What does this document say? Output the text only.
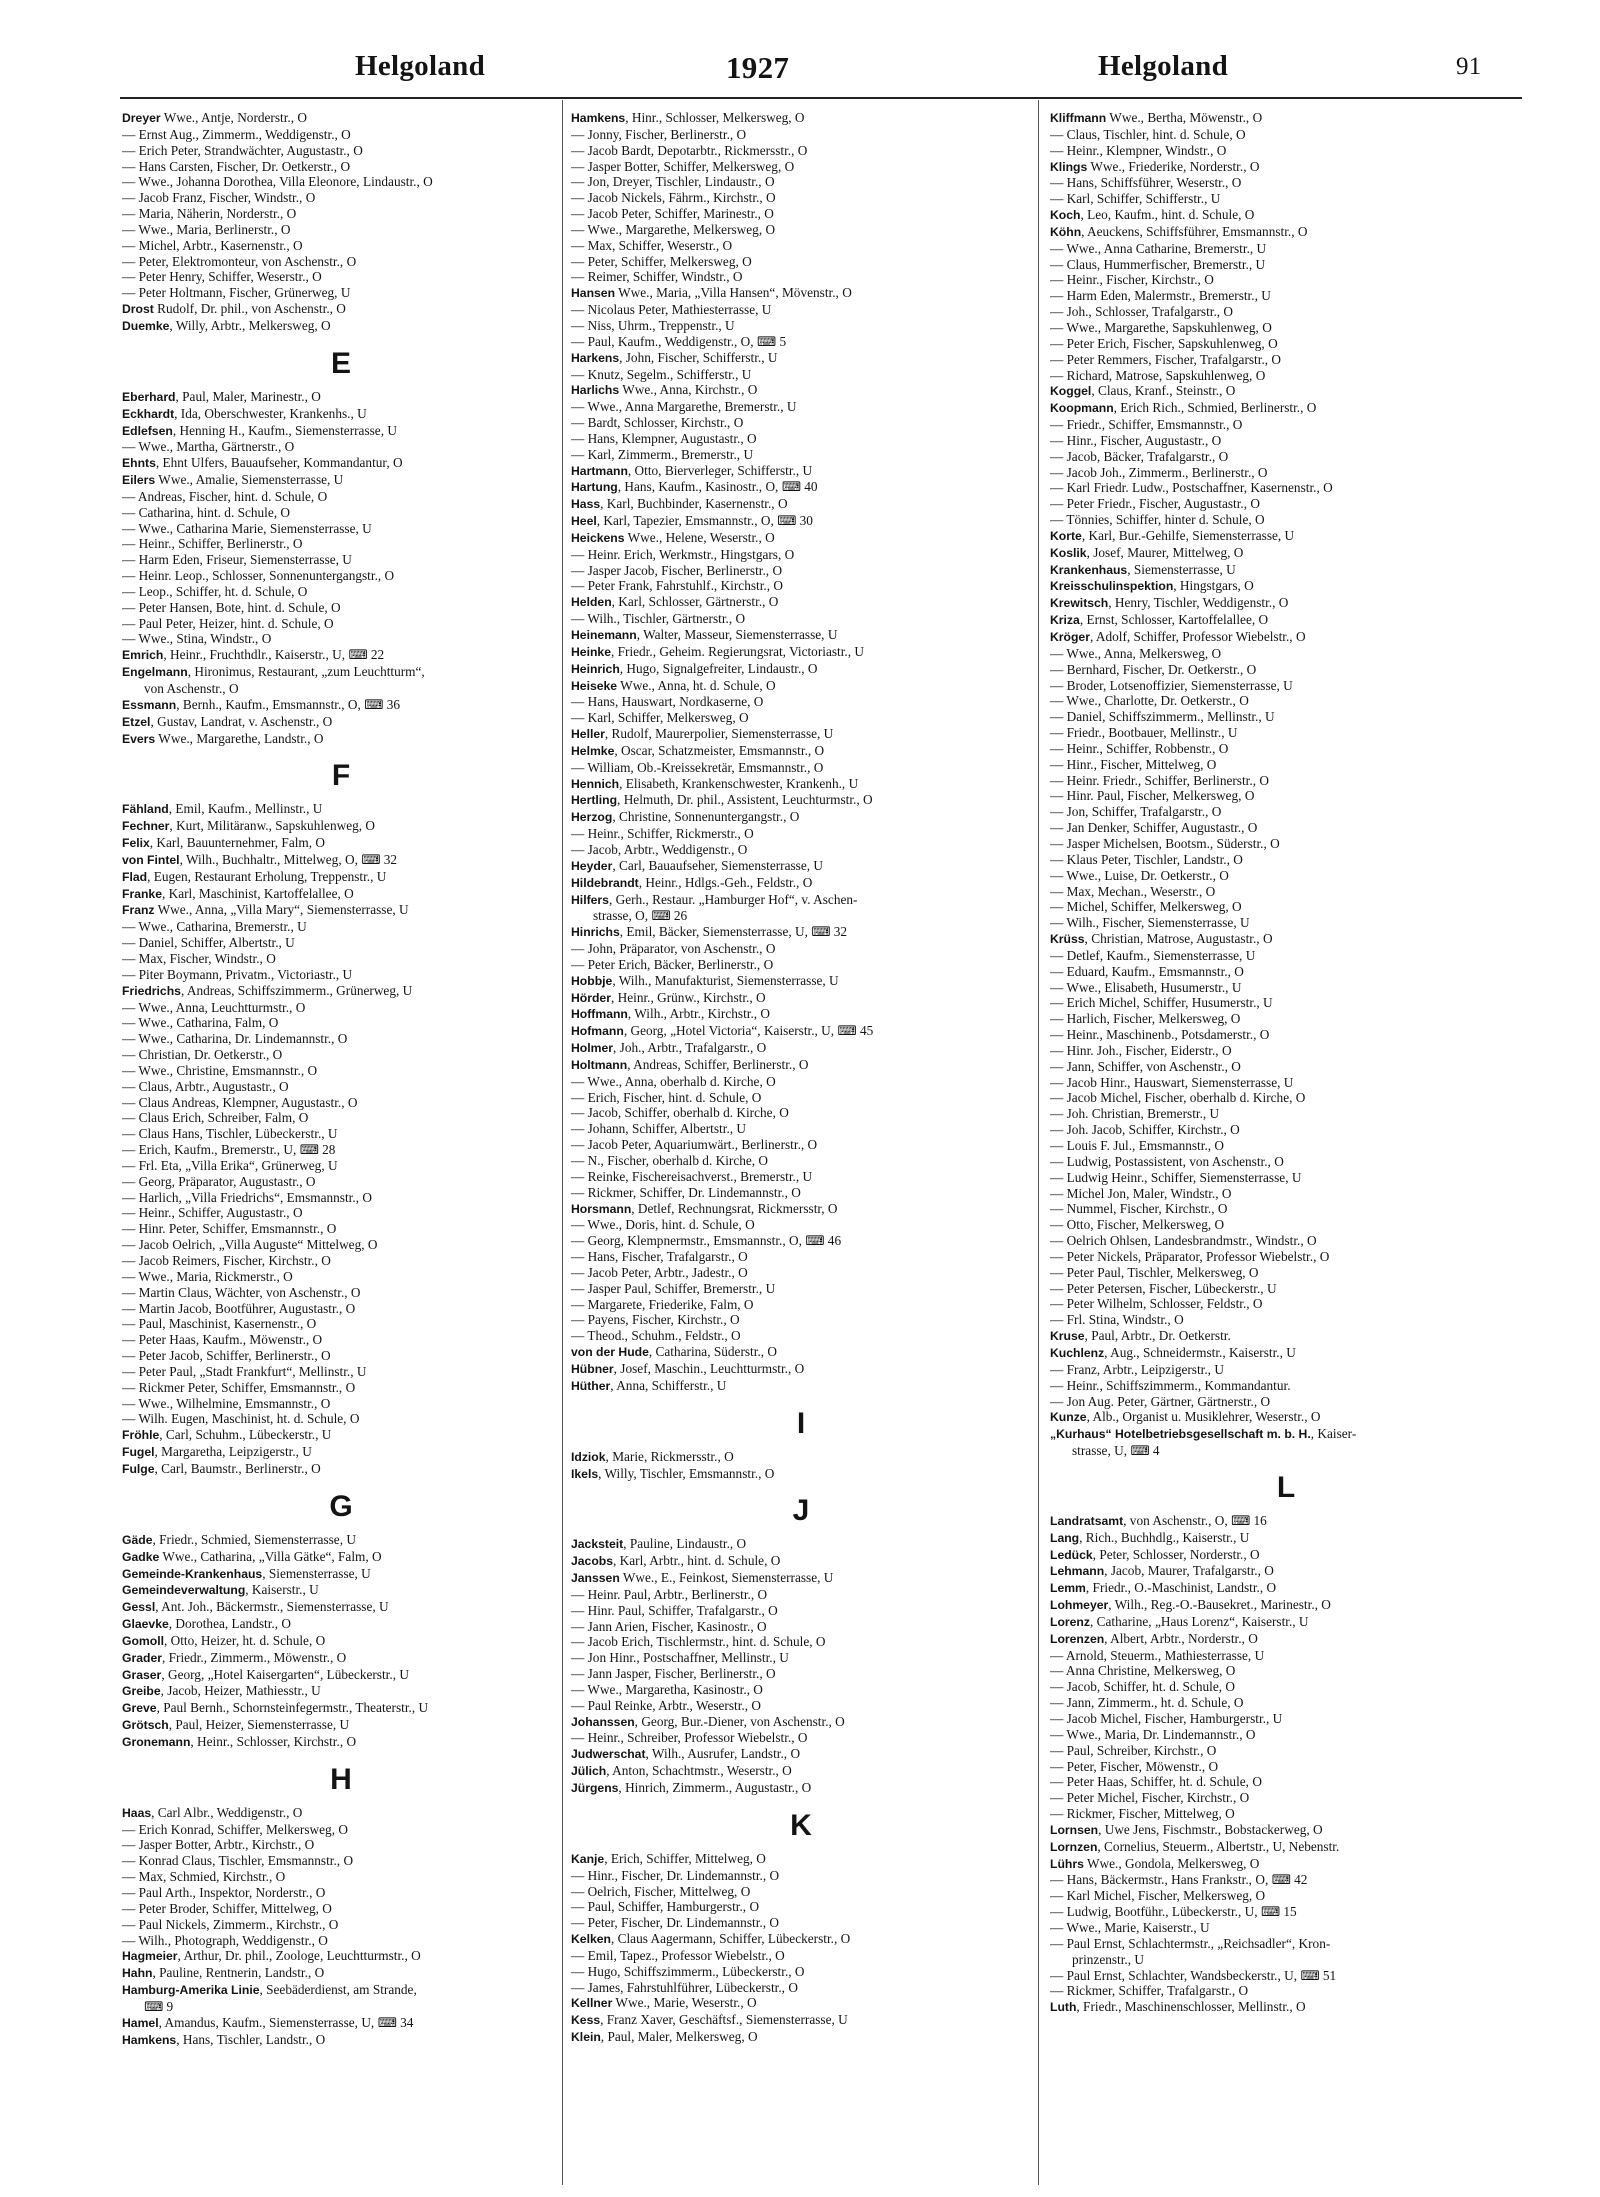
Helgoland	1927	Helgoland	91
Dreyer Wwe., Antje, Norderstr., O
— Ernst Aug., Zimmerm., Weddigenstr., O
— Erich Peter, Strandwächter, Augustastr., O
— Hans Carsten, Fischer, Dr. Oetkerstr., O
— Wwe., Johanna Dorothea, Villa Eleonore, Lindaustr., O
— Jacob Franz, Fischer, Windstr., O
— Maria, Näherin, Norderstr., O
— Wwe., Maria, Berlinerstr., O
— Michel, Arbtr., Kasernenstr., O
— Peter, Elektromonteur, von Aschenstr., O
— Peter Henry, Schiffer, Weserstr., O
— Peter Holtmann, Fischer, Grünerweg, U
Drost Rudolf, Dr. phil., von Aschenstr., O
Duemke, Willy, Arbtr., Melkersweg, O
E
Eberhard, Paul, Maler, Marinestr., O
Eckhardt, Ida, Oberschwester, Krankenhs., U
Edlefsen, Henning H., Kaufm., Siemensterrasse, U
— Wwe., Martha, Gärtnerstr., O
Ehnts, Ehnt Ulfers, Bauaufseher, Kommandantur, O
Eilers Wwe., Amalie, Siemensterrasse, U
— Andreas, Fischer, hint. d. Schule, O
— Catharina, hint. d. Schule, O
— Wwe., Catharina Marie, Siemensterrasse, U
— Heinr., Schiffer, Berlinerstr., O
— Harm Eden, Friseur, Siemensterrasse, U
— Heinr. Leop., Schlosser, Sonnenuntergangstr., O
— Leop., Schiffer, ht. d. Schule, O
— Peter Hansen, Bote, hint. d. Schule, O
— Paul Peter, Heizer, hint. d. Schule, O
— Wwe., Stina, Windstr., O
Emrich, Heinr., Fruchthdlr., Kaiserstr., U, ⌨ 22
Engelmann, Hironimus, Restaurant, „zum Leuchtturm“,
von Aschenstr., O
Essmann, Bernh., Kaufm., Emsmannstr., O, ⌨ 36
Etzel, Gustav, Landrat, v. Aschenstr., O
Evers Wwe., Margarethe, Landstr., O
F
Fähland, Emil, Kaufm., Mellinstr., U
Fechner, Kurt, Militäranw., Sapskuhlenweg, O
Felix, Karl, Bauunternehmer, Falm, O
von Fintel, Wilh., Buchhaltr., Mittelweg, O, ⌨ 32
Flad, Eugen, Restaurant Erholung, Treppenstr., U
Franke, Karl, Maschinist, Kartoffelallee, O
Franz Wwe., Anna, „Villa Mary“, Siemensterrasse, U
— Wwe., Catharina, Bremerstr., U
— Daniel, Schiffer, Albertstr., U
— Max, Fischer, Windstr., O
— Piter Boymann, Privatm., Victoriastr., U
Friedrichs, Andreas, Schiffszimmerm., Grünerweg, U
— Wwe., Anna, Leuchtturmstr., O
— Wwe., Catharina, Falm, O
— Wwe., Catharina, Dr. Lindemannstr., O
— Christian, Dr. Oetkerstr., O
— Wwe., Christine, Emsmannstr., O
— Claus, Arbtr., Augustastr., O
— Claus Andreas, Klempner, Augustastr., O
— Claus Erich, Schreiber, Falm, O
— Claus Hans, Tischler, Lübeckerstr., U
— Erich, Kaufm., Bremerstr., U, ⌨ 28
— Frl. Eta, „Villa Erika“, Grünerweg, U
— Georg, Präparator, Augustastr., O
— Harlich, „Villa Friedrichs“, Emsmannstr., O
— Heinr., Schiffer, Augustastr., O
— Hinr. Peter, Schiffer, Emsmannstr., O
— Jacob Oelrich, „Villa Auguste“ Mittelweg, O
— Jacob Reimers, Fischer, Kirchstr., O
— Wwe., Maria, Rickmerstr., O
— Martin Claus, Wächter, von Aschenstr., O
— Martin Jacob, Bootführer, Augustastr., O
— Paul, Maschinist, Kasernenstr., O
— Peter Haas, Kaufm., Möwenstr., O
— Peter Jacob, Schiffer, Berlinerstr., O
— Peter Paul, „Stadt Frankfurt“, Mellinstr., U
— Rickmer Peter, Schiffer, Emsmannstr., O
— Wwe., Wilhelmine, Emsmannstr., O
— Wilh. Eugen, Maschinist, ht. d. Schule, O
Fröhle, Carl, Schuhm., Lübeckerstr., U
Fugel, Margaretha, Leipzigerstr., U
Fulge, Carl, Baumstr., Berlinerstr., O
G
Gäde, Friedr., Schmied, Siemensterrasse, U
Gadke Wwe., Catharina, „Villa Gätke“, Falm, O
Gemeinde-Krankenhaus, Siemensterrasse, U
Gemeindeverwaltung, Kaiserstr., U
Gessl, Ant. Joh., Bäckermstr., Siemensterrasse, U
Glaevke, Dorothea, Landstr., O
Gomoll, Otto, Heizer, ht. d. Schule, O
Grader, Friedr., Zimmerm., Möwenstr., O
Graser, Georg, „Hotel Kaisergarten“, Lübeckerstr., U
Greibe, Jacob, Heizer, Mathiesstr., U
Greve, Paul Bernh., Schornsteinfegermstr., Theaterstr., U
Grötsch, Paul, Heizer, Siemensterrasse, U
Gronemann, Heinr., Schlosser, Kirchstr., O
H
Haas, Carl Albr., Weddigenstr., O
— Erich Konrad, Schiffer, Melkersweg, O
— Jasper Botter, Arbtr., Kirchstr., O
— Konrad Claus, Tischler, Emsmannstr., O
— Max, Schmied, Kirchstr., O
— Paul Arth., Inspektor, Norderstr., O
— Peter Broder, Schiffer, Mittelweg, O
— Paul Nickels, Zimmerm., Kirchstr., O
— Wilh., Photograph, Weddigenstr., O
Hagmeier, Arthur, Dr. phil., Zoologe, Leuchtturmstr., O
Hahn, Pauline, Rentnerin, Landstr., O
Hamburg-Amerika Linie, Seebäderdienst, am Strande,
⌨ 9
Hamel, Amandus, Kaufm., Siemensterrasse, U, ⌨ 34
Hamkens, Hans, Tischler, Landstr., O
Hamkens, Hinr., Schlosser, Melkersweg, O
— Jonny, Fischer, Berlinerstr., O
— Jacob Bardt, Depotarbtr., Rickmersstr., O
— Jasper Botter, Schiffer, Melkersweg, O
— Jon, Dreyer, Tischler, Lindaustr., O
— Jacob Nickels, Fährm., Kirchstr., O
— Jacob Peter, Schiffer, Marinestr., O
— Wwe., Margarethe, Melkersweg, O
— Max, Schiffer, Weserstr., O
— Peter, Schiffer, Melkersweg, O
— Reimer, Schiffer, Windstr., O
Hansen Wwe., Maria, „Villa Hansen“, Mövenstr., O
— Nicolaus Peter, Mathiesterrasse, U
— Niss, Uhrm., Treppenstr., U
— Paul, Kaufm., Weddigenstr., O, ⌨ 5
Harkens, John, Fischer, Schifferstr., U
— Knutz, Segelm., Schifferstr., U
Harlichs Wwe., Anna, Kirchstr., O
— Wwe., Anna Margarethe, Bremerstr., U
— Bardt, Schlosser, Kirchstr., O
— Hans, Klempner, Augustastr., O
— Karl, Zimmerm., Bremerstr., U
Hartmann, Otto, Bierverleger, Schifferstr., U
Hartung, Hans, Kaufm., Kasinostr., O, ⌨ 40
Hass, Karl, Buchbinder, Kasernenstr., O
Heel, Karl, Tapezier, Emsmannstr., O, ⌨ 30
Heickens Wwe., Helene, Weserstr., O
— Heinr. Erich, Werkmstr., Hingstgars, O
— Jasper Jacob, Fischer, Berlinerstr., O
— Peter Frank, Fahrstuhlf., Kirchstr., O
Helden, Karl, Schlosser, Gärtnerstr., O
— Wilh., Tischler, Gärtnerstr., O
Heinemann, Walter, Masseur, Siemensterrasse, U
Heinke, Friedr., Geheim. Regierungsrat, Victoriastr., U
Heinrich, Hugo, Signalgefreiter, Lindaustr., O
Heiseke Wwe., Anna, ht. d. Schule, O
— Hans, Hauswart, Nordkaserne, O
— Karl, Schiffer, Melkersweg, O
Heller, Rudolf, Maurerpolier, Siemensterrasse, U
Helmke, Oscar, Schatzmeister, Emsmannstr., O
— William, Ob.-Kreissekretär, Emsmannstr., O
Hennich, Elisabeth, Krankenschwester, Krankenh., U
Hertling, Helmuth, Dr. phil., Assistent, Leuchturmstr., O
Herzog, Christine, Sonnenuntergangstr., O
— Heinr., Schiffer, Rickmerstr., O
— Jacob, Arbtr., Weddigenstr., O
Heyder, Carl, Bauaufseher, Siemensterrasse, U
Hildebrandt, Heinr., Hdlgs.-Geh., Feldstr., O
Hilfers, Gerh., Restaur. „Hamburger Hof“, v. Aschen-
strasse, O, ⌨ 26
Hinrichs, Emil, Bäcker, Siemensterrasse, U, ⌨ 32
— John, Präparator, von Aschenstr., O
— Peter Erich, Bäcker, Berlinerstr., O
Hobbje, Wilh., Manufakturist, Siemensterrasse, U
Hörder, Heinr., Grünw., Kirchstr., O
Hoffmann, Wilh., Arbtr., Kirchstr., O
Hofmann, Georg, „Hotel Victoria“, Kaiserstr., U, ⌨ 45
Holmer, Joh., Arbtr., Trafalgarstr., O
Holtmann, Andreas, Schiffer, Berlinerstr., O
— Wwe., Anna, oberhalb d. Kirche, O
— Erich, Fischer, hint. d. Schule, O
— Jacob, Schiffer, oberhalb d. Kirche, O
— Johann, Schiffer, Albertstr., U
— Jacob Peter, Aquariumwärt., Berlinerstr., O
— N., Fischer, oberhalb d. Kirche, O
— Reinke, Fischereisachverst., Bremerstr., U
— Rickmer, Schiffer, Dr. Lindemannstr., O
Horsmann, Detlef, Rechnungsrat, Rickmersstr, O
— Wwe., Doris, hint. d. Schule, O
— Georg, Klempnermstr., Emsmannstr., O, ⌨ 46
— Hans, Fischer, Trafalgarstr., O
— Jacob Peter, Arbtr., Jadestr., O
— Jasper Paul, Schiffer, Bremerstr., U
— Margarete, Friederike, Falm, O
— Payens, Fischer, Kirchstr., O
— Theod., Schuhm., Feldstr., O
von der Hude, Catharina, Süderstr., O
Hübner, Josef, Maschin., Leuchtturmstr., O
Hüther, Anna, Schifferstr., U
I
Idziok, Marie, Rickmersstr., O
Ikels, Willy, Tischler, Emsmannstr., O
J
Jacksteit, Pauline, Lindaustr., O
Jacobs, Karl, Arbtr., hint. d. Schule, O
Janssen Wwe., E., Feinkost, Siemensterrasse, U
— Heinr. Paul, Arbtr., Berlinerstr., O
— Hinr. Paul, Schiffer, Trafalgarstr., O
— Jann Arien, Fischer, Kasinostr., O
— Jacob Erich, Tischlermstr., hint. d. Schule, O
— Jon Hinr., Postschaffner, Mellinstr., U
— Jann Jasper, Fischer, Berlinerstr., O
— Wwe., Margaretha, Kasinostr., O
— Paul Reinke, Arbtr., Weserstr., O
Johanssen, Georg, Bur.-Diener, von Aschenstr., O
— Heinr., Schreiber, Professor Wiebelstr., O
Judwerschat, Wilh., Ausrufer, Landstr., O
Jülich, Anton, Schachtmstr., Weserstr., O
Jürgens, Hinrich, Zimmerm., Augustastr., O
K
Kanje, Erich, Schiffer, Mittelweg, O
— Hinr., Fischer, Dr. Lindemannstr., O
— Oelrich, Fischer, Mittelweg, O
— Paul, Schiffer, Hamburgerstr., O
— Peter, Fischer, Dr. Lindemannstr., O
Kelken, Claus Aagermann, Schiffer, Lübeckerstr., O
— Emil, Tapez., Professor Wiebelstr., O
— Hugo, Schiffszimmerm., Lübeckerstr., O
— James, Fahrstuhlführer, Lübeckerstr., O
Kellner Wwe., Marie, Weserstr., O
Kess, Franz Xaver, Geschäftsf., Siemensterrasse, U
Klein, Paul, Maler, Melkersweg, O
Kliffmann Wwe., Bertha, Möwenstr., O
— Claus, Tischler, hint. d. Schule, O
— Heinr., Klempner, Windstr., O
Klings Wwe., Friederike, Norderstr., O
— Hans, Schiffsführer, Weserstr., O
— Karl, Schiffer, Schifferstr., U
Koch, Leo, Kaufm., hint. d. Schule, O
Köhn, Aeuckens, Schiffsführer, Emsmannstr., O
— Wwe., Anna Catharine, Bremerstr., U
— Claus, Hummerfischer, Bremerstr., U
— Heinr., Fischer, Kirchstr., O
— Harm Eden, Malermstr., Bremerstr., U
— Joh., Schlosser, Trafalgarstr., O
— Wwe., Margarethe, Sapskuhlenweg, O
— Peter Erich, Fischer, Sapskuhlenweg, O
— Peter Remmers, Fischer, Trafalgarstr., O
— Richard, Matrose, Sapskuhlenweg, O
Koggel, Claus, Kranf., Steinstr., O
Koopmann, Erich Rich., Schmied, Berlinerstr., O
— Friedr., Schiffer, Emsmannstr., O
— Hinr., Fischer, Augustastr., O
— Jacob, Bäcker, Trafalgarstr., O
— Jacob Joh., Zimmerm., Berlinerstr., O
— Karl Friedr. Ludw., Postschaffner, Kasernenstr., O
— Peter Friedr., Fischer, Augustastr., O
— Tönnies, Schiffer, hinter d. Schule, O
Korte, Karl, Bur.-Gehilfe, Siemensterrasse, U
Koslik, Josef, Maurer, Mittelweg, O
Krankenhaus, Siemensterrasse, U
Kreisschulinspektion, Hingstgars, O
Krewitsch, Henry, Tischler, Weddigenstr., O
Kriza, Ernst, Schlosser, Kartoffelallee, O
Kröger, Adolf, Schiffer, Professor Wiebelstr., O
— Wwe., Anna, Melkersweg, O
— Bernhard, Fischer, Dr. Oetkerstr., O
— Broder, Lotsenoffizier, Siemensterrasse, U
— Wwe., Charlotte, Dr. Oetkerstr., O
— Daniel, Schiffszimmerm., Mellinstr., U
— Friedr., Bootbauer, Mellinstr., U
— Heinr., Schiffer, Robbenstr., O
— Hinr., Fischer, Mittelweg, O
— Heinr. Friedr., Schiffer, Berlinerstr., O
— Hinr. Paul, Fischer, Melkersweg, O
— Jon, Schiffer, Trafalgarstr., O
— Jan Denker, Schiffer, Augustastr., O
— Jasper Michelsen, Bootsm., Süderstr., O
— Klaus Peter, Tischler, Landstr., O
— Wwe., Luise, Dr. Oetkerstr., O
— Max, Mechan., Weserstr., O
— Michel, Schiffer, Melkersweg, O
— Wilh., Fischer, Siemensterrasse, U
Krüss, Christian, Matrose, Augustastr., O
— Detlef, Kaufm., Siemensterrasse, U
— Eduard, Kaufm., Emsmannstr., O
— Wwe., Elisabeth, Husumerstr., U
— Erich Michel, Schiffer, Husumerstr., U
— Harlich, Fischer, Melkersweg, O
— Heinr., Maschinenb., Potsdamerstr., O
— Hinr. Joh., Fischer, Eiderstr., O
— Jann, Schiffer, von Aschenstr., O
— Jacob Hinr., Hauswart, Siemensterrasse, U
— Jacob Michel, Fischer, oberhalb d. Kirche, O
— Joh. Christian, Bremerstr., U
— Joh. Jacob, Schiffer, Kirchstr., O
— Louis F. Jul., Emsmannstr., O
— Ludwig, Postassistent, von Aschenstr., O
— Ludwig Heinr., Schiffer, Siemensterrasse, U
— Michel Jon, Maler, Windstr., O
— Nummel, Fischer, Kirchstr., O
— Otto, Fischer, Melkersweg, O
— Oelrich Ohlsen, Landesbrandmstr., Windstr., O
— Peter Nickels, Präparator, Professor Wiebelstr., O
— Peter Paul, Tischler, Melkersweg, O
— Peter Petersen, Fischer, Lübeckerstr., U
— Peter Wilhelm, Schlosser, Feldstr., O
— Frl. Stina, Windstr., O
Kruse, Paul, Arbtr., Dr. Oetkerstr.
Kuchlenz, Aug., Schneidermstr., Kaiserstr., U
— Franz, Arbtr., Leipzigerstr., U
— Heinr., Schiffszimmerm., Kommandantur.
— Jon Aug. Peter, Gärtner, Gärtnerstr., O
Kunze, Alb., Organist u. Musiklehrer, Weserstr., O
„Kurhaus“ Hotelbetriebsgesellschaft m. b. H., Kaiser-
strasse, U, ⌨ 4
L
Landratsamt, von Aschenstr., O, ⌨ 16
Lang, Rich., Buchhdlg., Kaiserstr., U
Ledück, Peter, Schlosser, Norderstr., O
Lehmann, Jacob, Maurer, Trafalgarstr., O
Lemm, Friedr., O.-Maschinist, Landstr., O
Lohmeyer, Wilh., Reg.-O.-Bausekret., Marinestr., O
Lorenz, Catharine, „Haus Lorenz“, Kaiserstr., U
Lorenzen, Albert, Arbtr., Norderstr., O
— Arnold, Steuerm., Mathiesterrasse, U
— Anna Christine, Melkersweg, O
— Jacob, Schiffer, ht. d. Schule, O
— Jann, Zimmerm., ht. d. Schule, O
— Jacob Michel, Fischer, Hamburgerstr., U
— Wwe., Maria, Dr. Lindemannstr., O
— Paul, Schreiber, Kirchstr., O
— Peter, Fischer, Möwenstr., O
— Peter Haas, Schiffer, ht. d. Schule, O
— Peter Michel, Fischer, Kirchstr., O
— Rickmer, Fischer, Mittelweg, O
Lornsen, Uwe Jens, Fischmstr., Bobstackerweg, O
Lornzen, Cornelius, Steuerm., Albertstr., U, Nebenstr.
Lührs Wwe., Gondola, Melkersweg, O
— Hans, Bäckermstr., Hans Frankstr., O, ⌨ 42
— Karl Michel, Fischer, Melkersweg, O
— Ludwig, Bootführ., Lübeckerstr., U, ⌨ 15
— Wwe., Marie, Kaiserstr., U
— Paul Ernst, Schlachtermstr., „Reichsadler“, Kron-
prinzenstr., U
— Paul Ernst, Schlachter, Wandsbeckerstr., U, ⌨ 51
— Rickmer, Schiffer, Trafalgarstr., O
Luth, Friedr., Maschinenschlosser, Mellinstr., O
